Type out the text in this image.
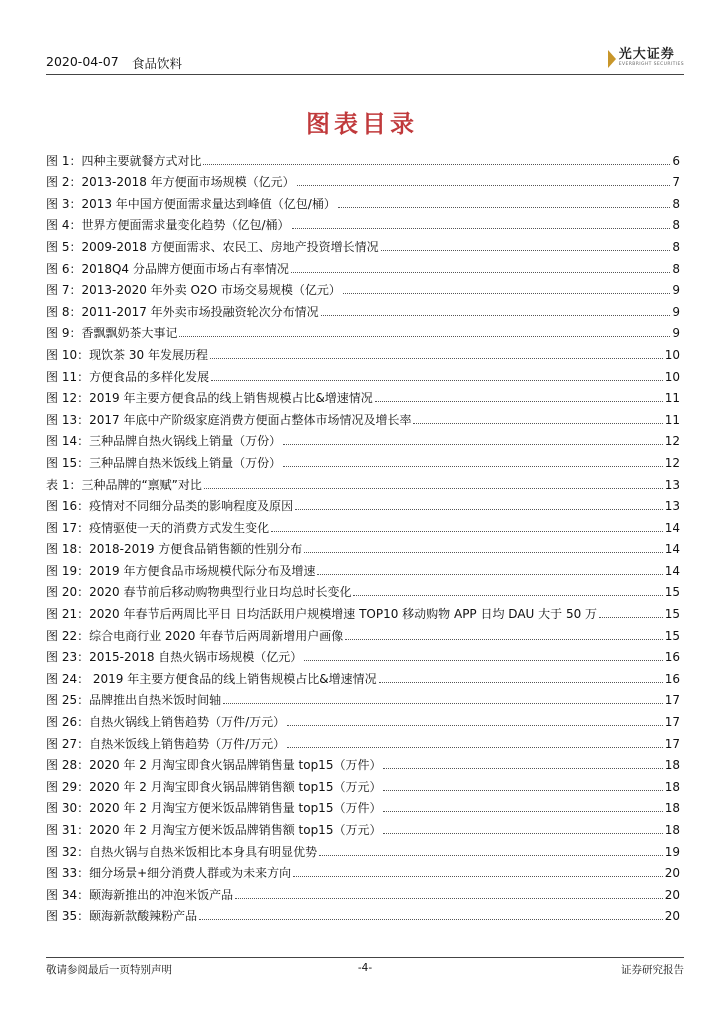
2020-04-07 食品饮料
光大证券
EVERBRIGHT SECURITIES
图表目录
图 1：四种主要就餐方式对比	6
图 2：2013-2018 年方便面市场规模（亿元）	7
图 3：2013 年中国方便面需求量达到峰值（亿包/桶）	8
图 4：世界方便面需求量变化趋势（亿包/桶）	8
图 5：2009-2018 方便面需求、农民工、房地产投资增长情况	8
图 6：2018Q4 分品牌方便面市场占有率情况	8
图 7：2013-2020 年外卖 O2O 市场交易规模（亿元）	9
图 8：2011-2017 年外卖市场投融资轮次分布情况	9
图 9：香飘飘奶茶大事记	9
图 10：现饮茶 30 年发展历程	10
图 11：方便食品的多样化发展	10
图 12：2019 年主要方便食品的线上销售规模占比&增速情况	11
图 13：2017 年底中产阶级家庭消费方便面占整体市场情况及增长率	11
图 14：三种品牌自热火锅线上销量（万份）	12
图 15：三种品牌自热米饭线上销量（万份）	12
表 1：三种品牌的“禀赋”对比	13
图 16：疫情对不同细分品类的影响程度及原因	13
图 17：疫情驱使一天的消费方式发生变化	14
图 18：2018-2019 方便食品销售额的性别分布	14
图 19：2019 年方便食品市场规模代际分布及增速	14
图 20：2020 春节前后移动购物典型行业日均总时长变化	15
图 21：2020 年春节后两周比平日 日均活跃用户规模增速 TOP10 移动购物 APP 日均 DAU 大于 50 万	15
图 22：综合电商行业 2020 年春节后两周新增用户画像	15
图 23：2015-2018 自热火锅市场规模（亿元）	16
图 24： 2019 年主要方便食品的线上销售规模占比&增速情况	16
图 25：品牌推出自热米饭时间轴	17
图 26：自热火锅线上销售趋势（万件/万元）	17
图 27：自热米饭线上销售趋势（万件/万元）	17
图 28：2020 年 2 月淘宝即食火锅品牌销售量 top15（万件）	18
图 29：2020 年 2 月淘宝即食火锅品牌销售额 top15（万元）	18
图 30：2020 年 2 月淘宝方便米饭品牌销售量 top15（万件）	18
图 31：2020 年 2 月淘宝方便米饭品牌销售额 top15（万元）	18
图 32：自热火锅与自热米饭相比本身具有明显优势	19
图 33：细分场景+细分消费人群或为未来方向	20
图 34：颐海新推出的冲泡米饭产品	20
图 35：颐海新款酸辣粉产品	20
敬请参阅最后一页特别声明	-4-	证券研究报告
